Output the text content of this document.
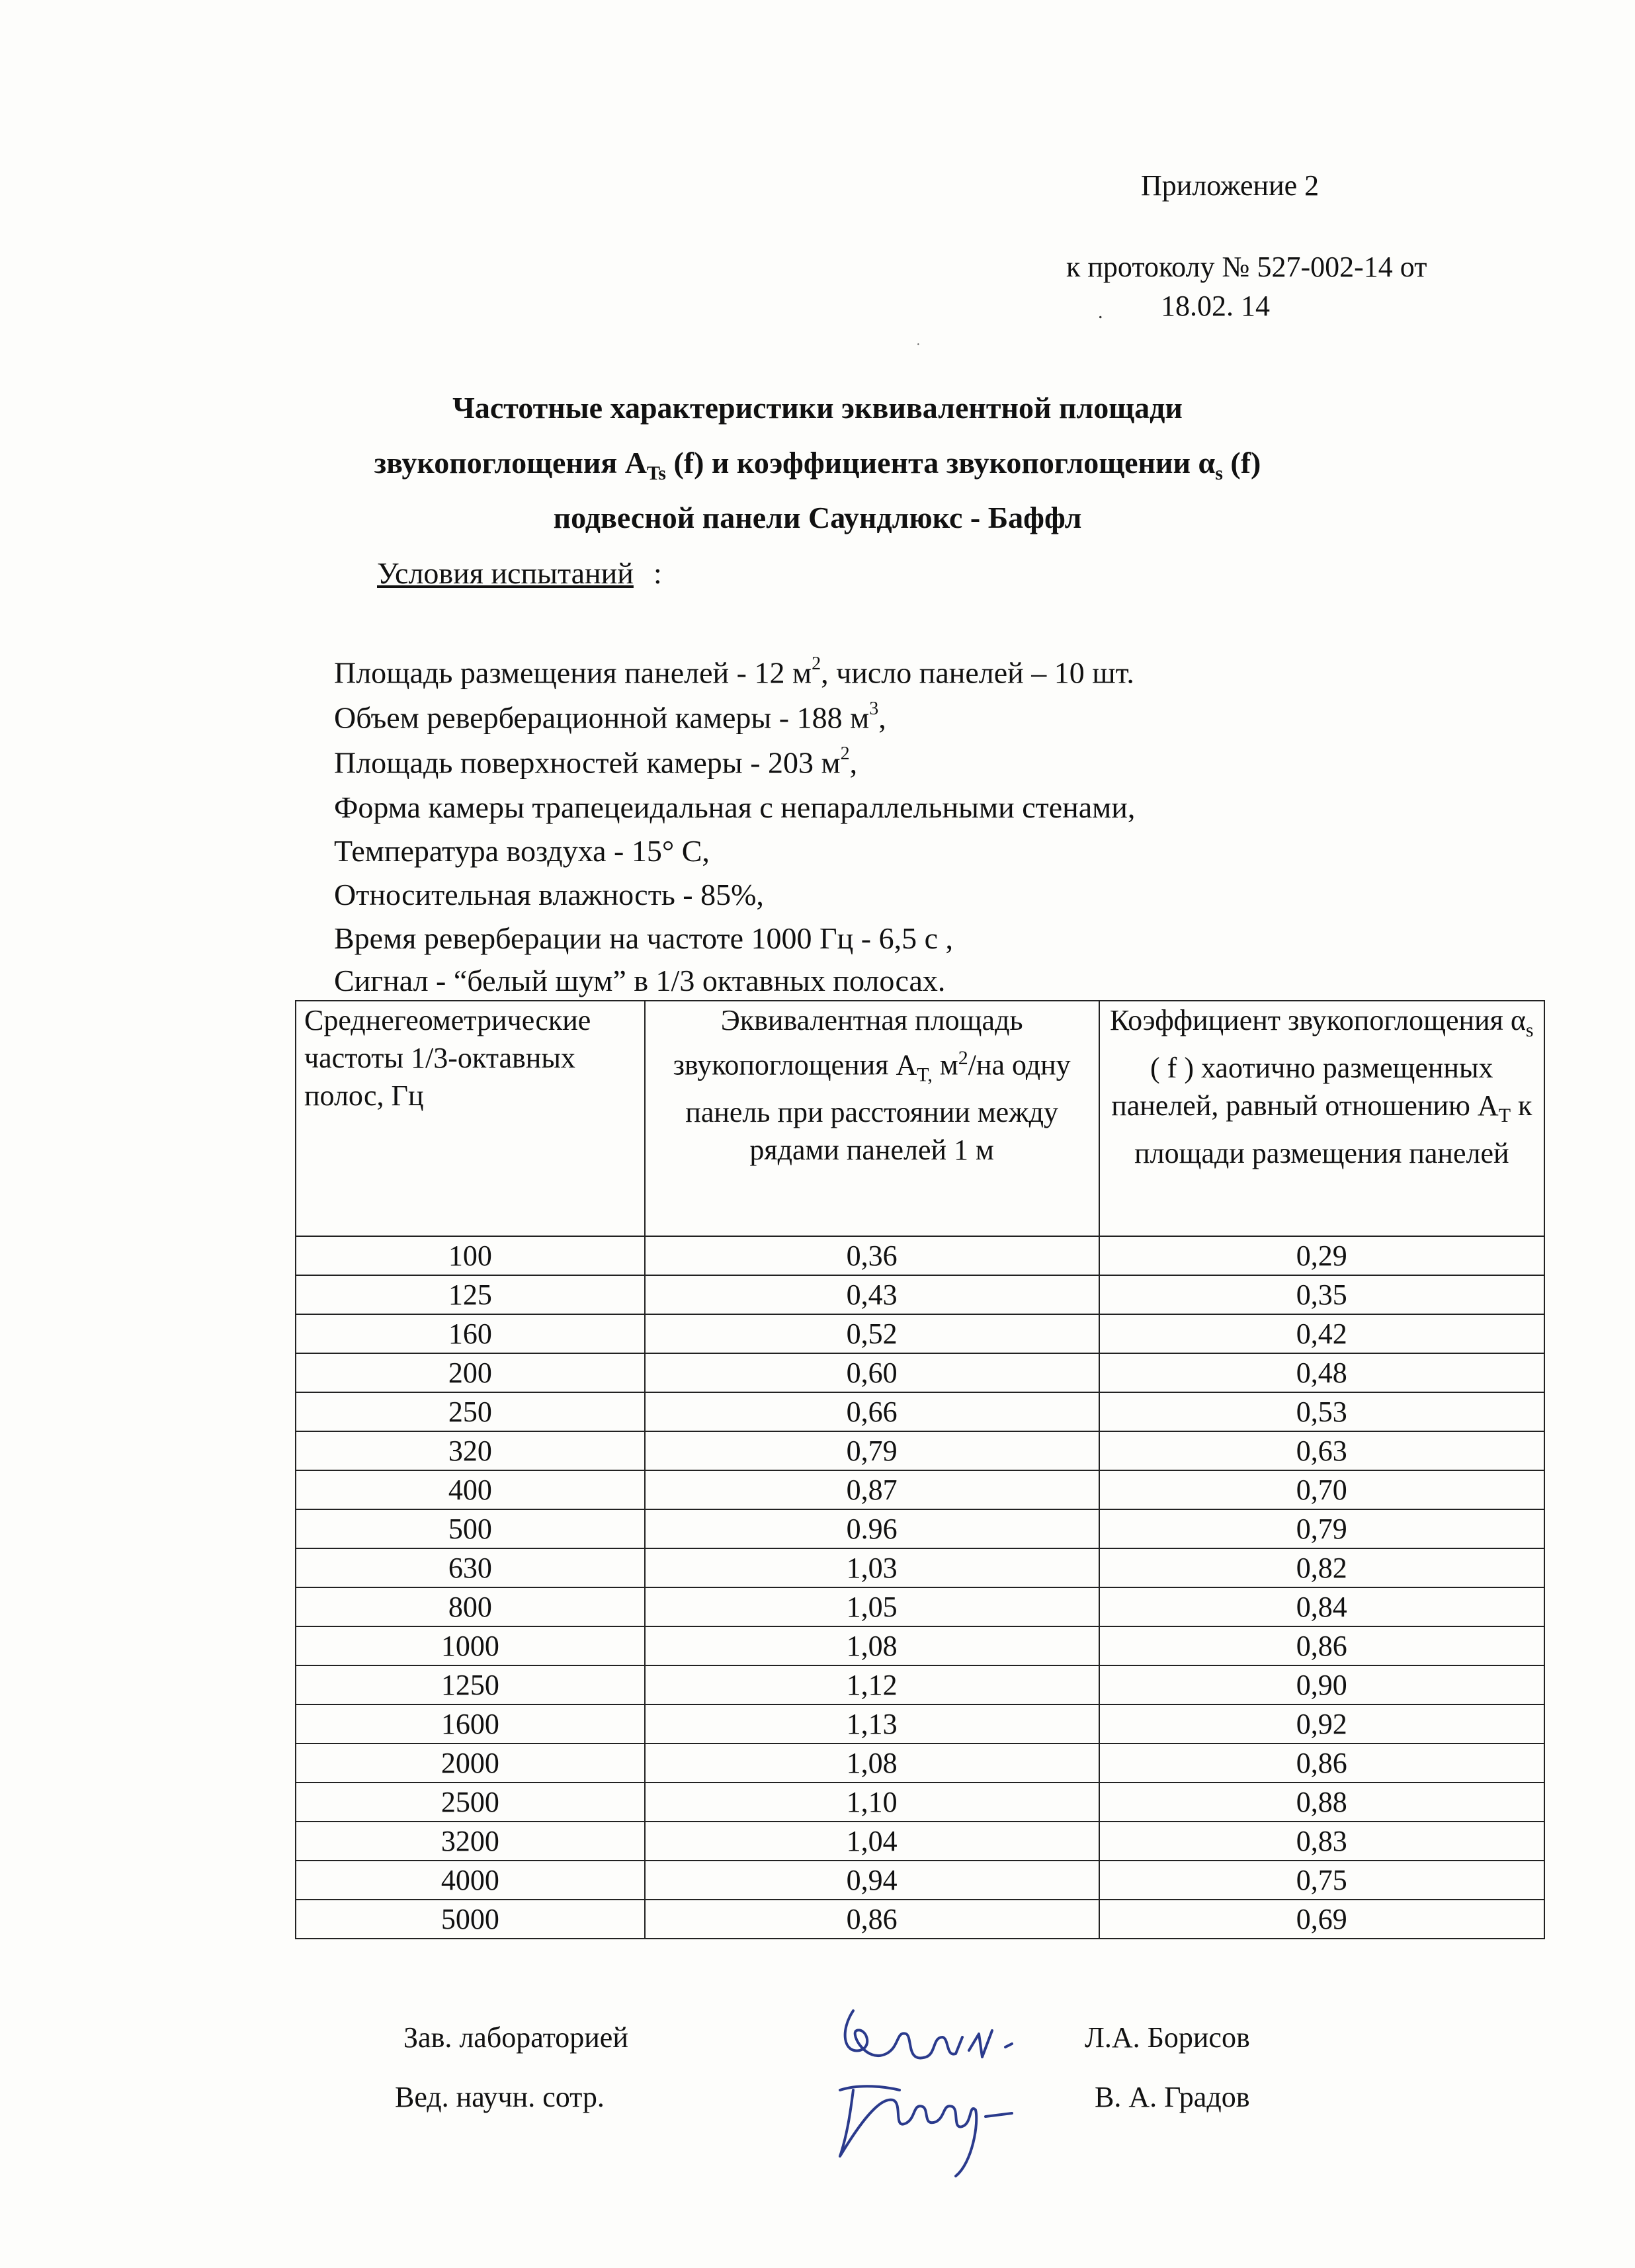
Приложение 2
к протоколу № 527-002-14 от
. 18.02. 14
·
Частотные характеристики эквивалентной площади
звукопоглощения $A_{Ts}$ (f) и коэффициента звукопоглощении $\alpha_s$ (f)
подвесной панели Саундлюкс - Баффл
Условия испытаний :
Площадь размещения панелей - 12 $м^2$, число панелей – 10 шт.
Объем реверберационной камеры - 188 $м^3$,
Площадь поверхностей камеры - 203 $м^2$,
Форма камеры трапецеидальная с непараллельными стенами,
Температура воздуха - 15° С,
Относительная влажность - 85%,
Время реверберации на частоте 1000 Гц - 6,5 с ,
Сигнал - “белый шум” в 1/3 октавных полосах.
Среднегеометрические частоты 1/3-октавных полос, Гц	Эквивалентная площадь звукопоглощения $A_{T,}$ $м^2/на$ одну панель при расстоянии между рядами панелей 1 м	Коэффициент звукопоглощения $\alpha_s$ ( f ) хаотично размещенных панелей, равный отношению $A_T$ к площади размещения панелей
100	0,36	0,29
125	0,43	0,35
160	0,52	0,42
200	0,60	0,48
250	0,66	0,53
320	0,79	0,63
400	0,87	0,70
500	0.96	0,79
630	1,03	0,82
800	1,05	0,84
1000	1,08	0,86
1250	1,12	0,90
1600	1,13	0,92
2000	1,08	0,86
2500	1,10	0,88
3200	1,04	0,83
4000	0,94	0,75
5000	0,86	0,69
Зав. лабораторией
Вед. научн. сотр.
Л.А. Борисов
В. А. Градов
